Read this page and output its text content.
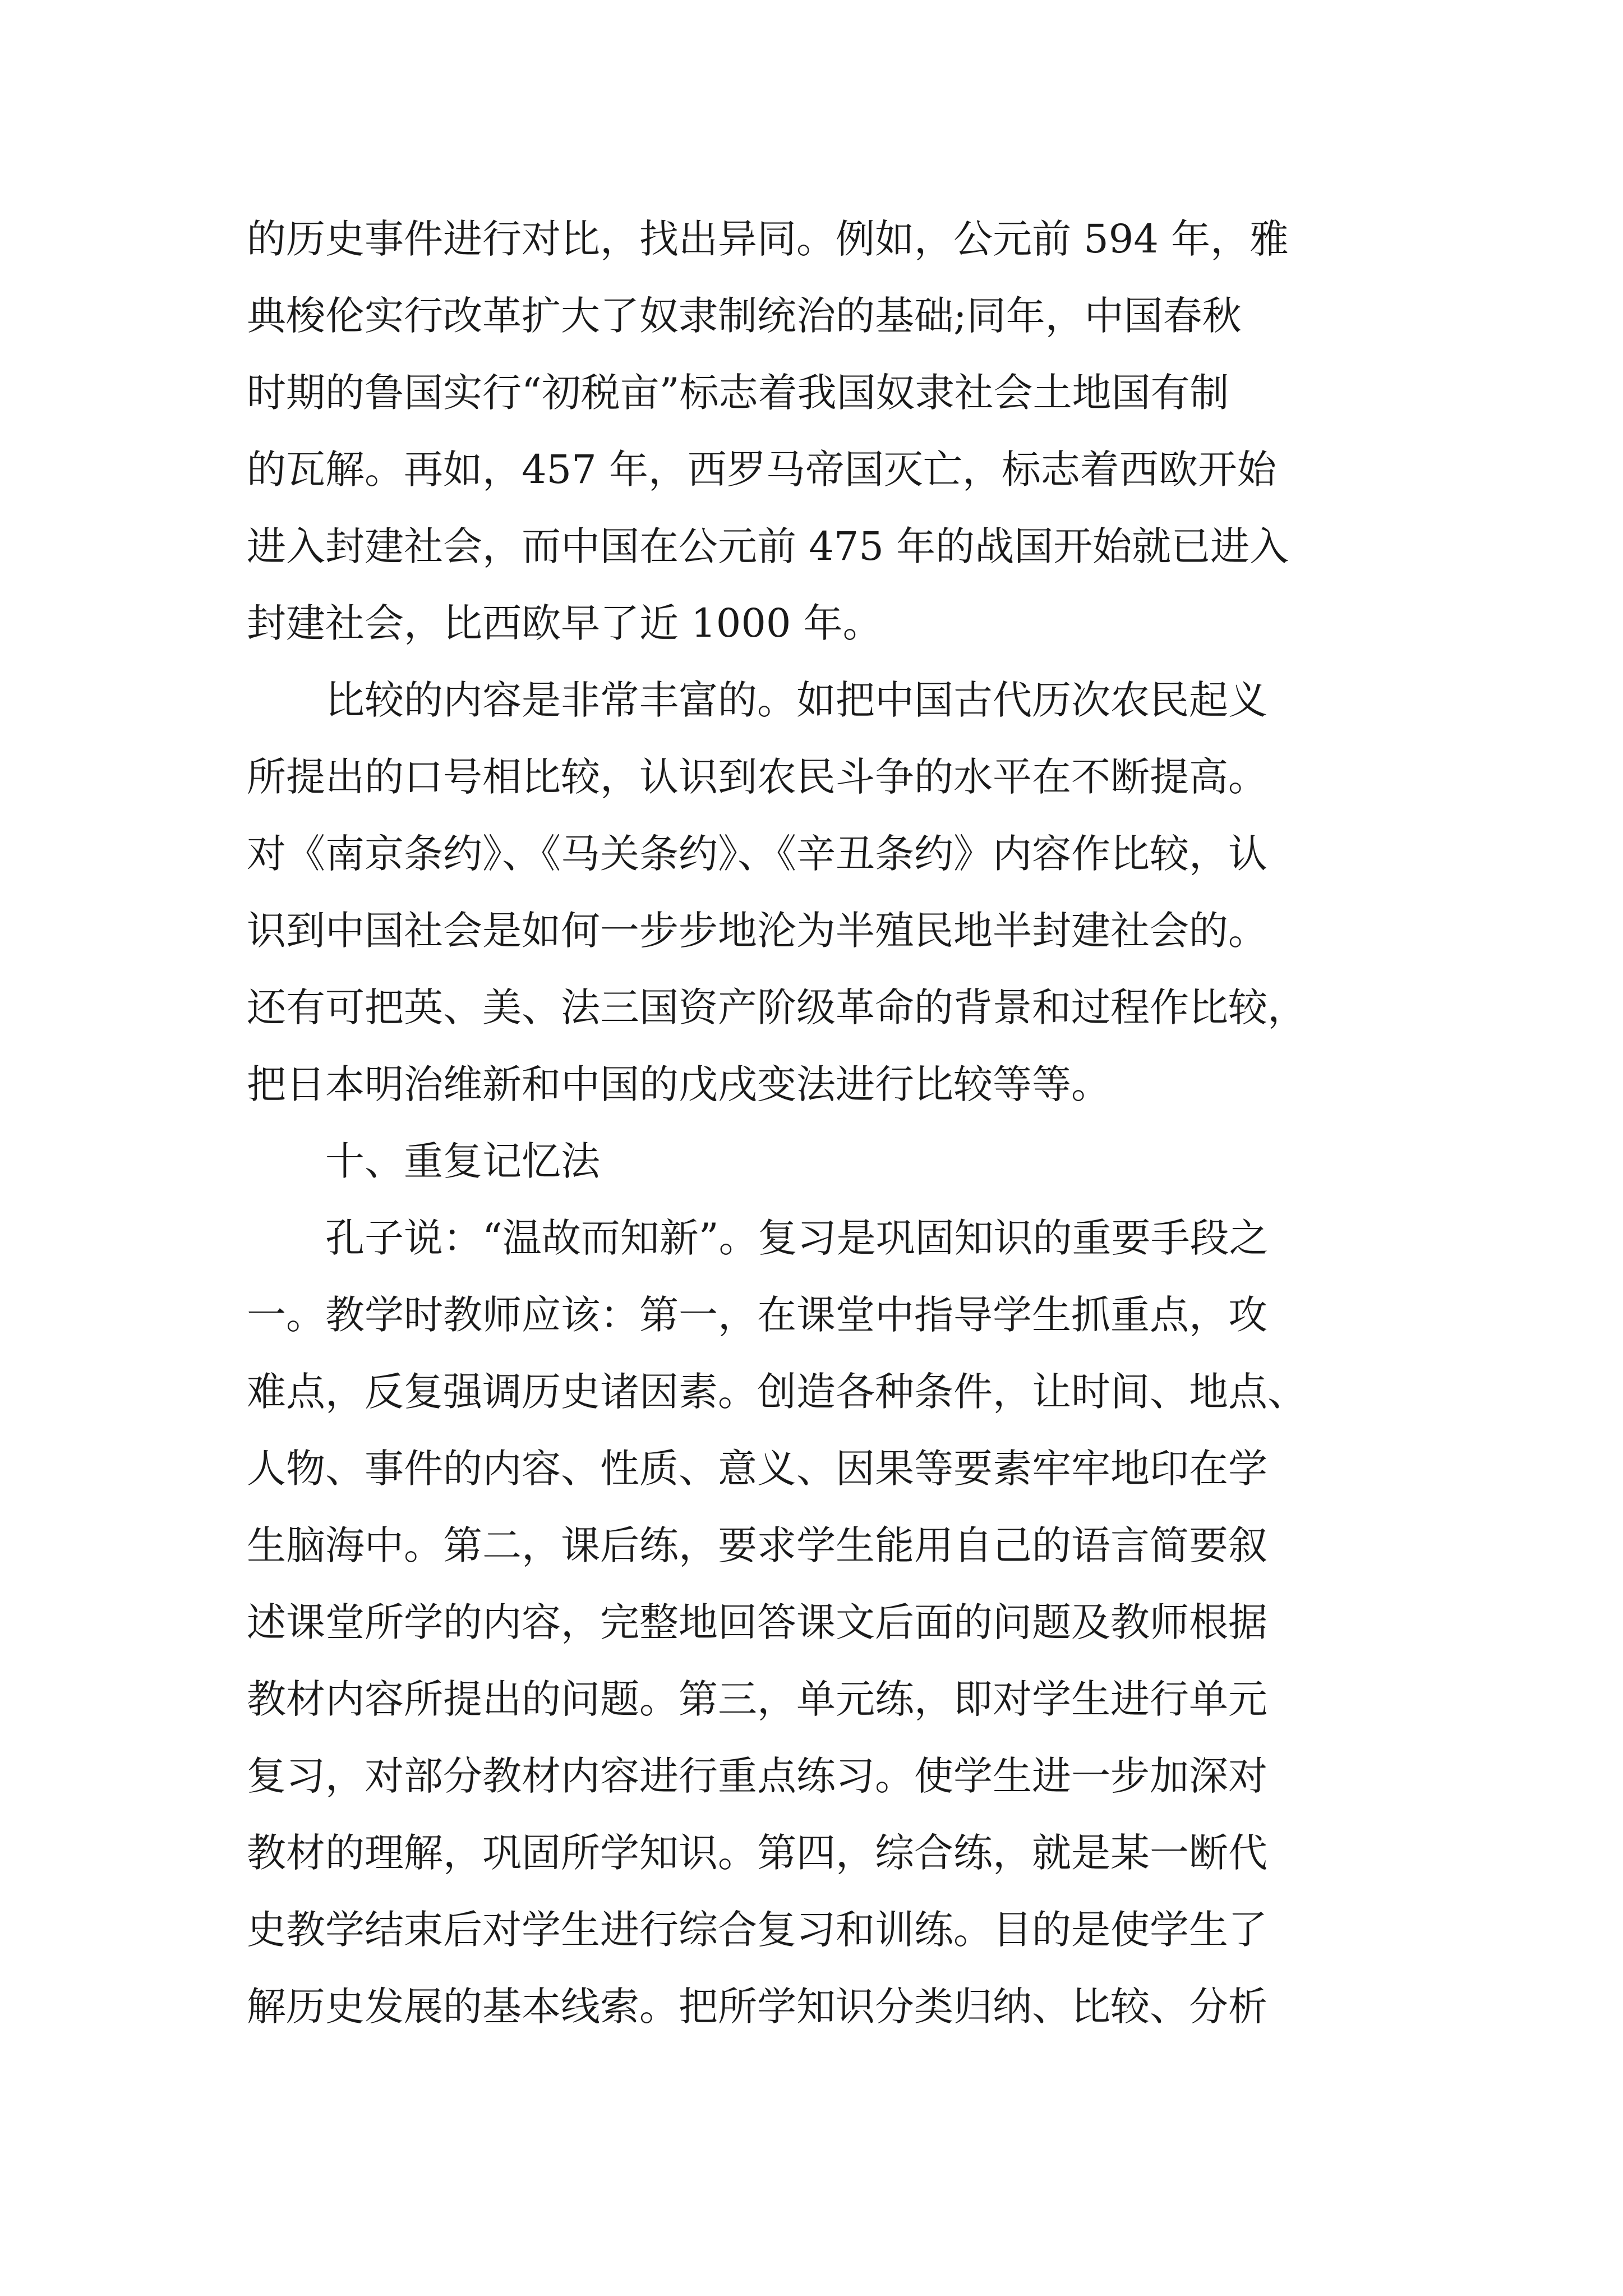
的历史事件进行对比，找出异同。例如，公元前 594 年，雅
典梭伦实行改革扩大了奴隶制统治的基础;同年，中国春秋
时期的鲁国实行“初税亩”标志着我国奴隶社会土地国有制
的瓦解。再如，457 年，西罗马帝国灭亡，标志着西欧开始
进入封建社会，而中国在公元前 475 年的战国开始就已进入
封建社会，比西欧早了近 1000 年。
比较的内容是非常丰富的。如把中国古代历次农民起义
所提出的口号相比较，认识到农民斗争的水平在不断提高。
对《南京条约》、《马关条约》、《辛丑条约》内容作比较，认
识到中国社会是如何一步步地沦为半殖民地半封建社会的。
还有可把英、美、法三国资产阶级革命的背景和过程作比较，
把日本明治维新和中国的戊戌变法进行比较等等。
十、重复记忆法
孔子说：“温故而知新”。复习是巩固知识的重要手段之
一。教学时教师应该：第一，在课堂中指导学生抓重点，攻
难点，反复强调历史诸因素。创造各种条件，让时间、地点、
人物、事件的内容、性质、意义、因果等要素牢牢地印在学
生脑海中。第二，课后练，要求学生能用自己的语言简要叙
述课堂所学的内容，完整地回答课文后面的问题及教师根据
教材内容所提出的问题。第三，单元练，即对学生进行单元
复习，对部分教材内容进行重点练习。使学生进一步加深对
教材的理解，巩固所学知识。第四，综合练，就是某一断代
史教学结束后对学生进行综合复习和训练。目的是使学生了
解历史发展的基本线索。把所学知识分类归纳、比较、分析
